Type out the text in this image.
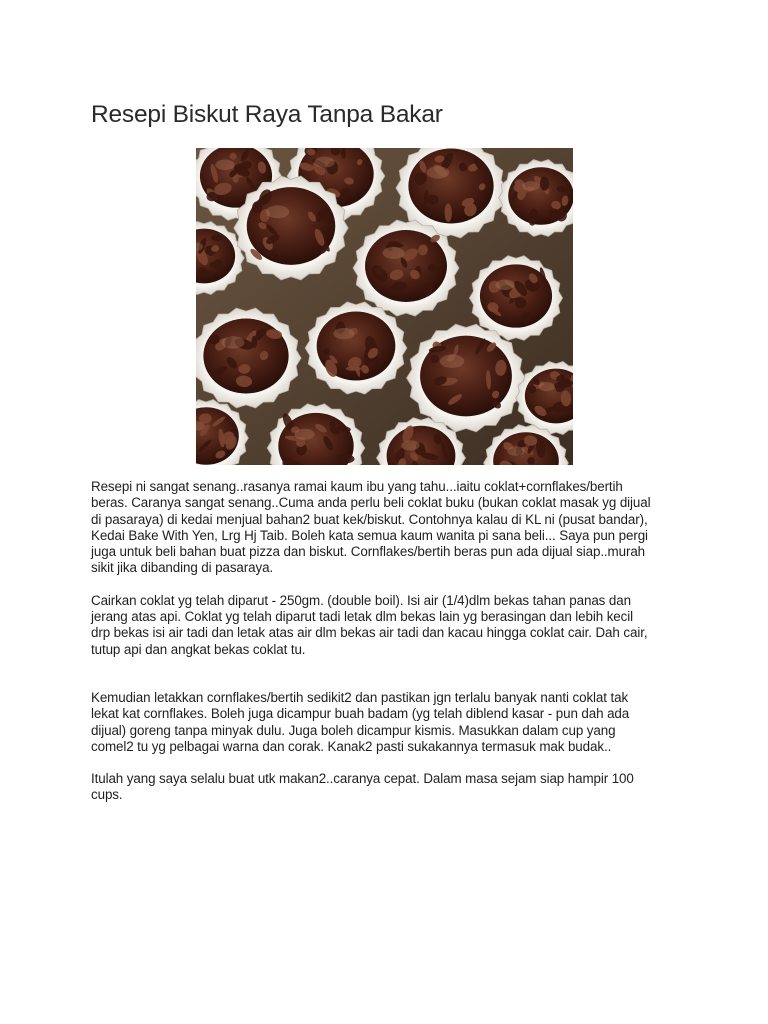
Resepi Biskut Raya Tanpa Bakar

Resepi ni sangat senang..rasanya ramai kaum ibu yang tahu...iaitu coklat+cornflakes/bertih
beras. Caranya sangat senang..Cuma anda perlu beli coklat buku (bukan coklat masak yg dijual
di pasaraya) di kedai menjual bahan2 buat kek/biskut. Contohnya kalau di KL ni (pusat bandar),
Kedai Bake With Yen, Lrg Hj Taib. Boleh kata semua kaum wanita pi sana beli... Saya pun pergi
juga untuk beli bahan buat pizza dan biskut. Cornflakes/bertih beras pun ada dijual siap..murah
sikit jika dibanding di pasaraya.

Cairkan coklat yg telah diparut - 250gm. (double boil). Isi air (1/4)dlm bekas tahan panas dan
jerang atas api. Coklat yg telah diparut tadi letak dlm bekas lain yg berasingan dan lebih kecil
drp bekas isi air tadi dan letak atas air dlm bekas air tadi dan kacau hingga coklat cair. Dah cair,
tutup api dan angkat bekas coklat tu.

Kemudian letakkan cornflakes/bertih sedikit2 dan pastikan jgn terlalu banyak nanti coklat tak
lekat kat cornflakes. Boleh juga dicampur buah badam (yg telah diblend kasar - pun dah ada
dijual) goreng tanpa minyak dulu. Juga boleh dicampur kismis. Masukkan dalam cup yang
comel2 tu yg pelbagai warna dan corak. Kanak2 pasti sukakannya termasuk mak budak..

Itulah yang saya selalu buat utk makan2..caranya cepat. Dalam masa sejam siap hampir 100
cups.
